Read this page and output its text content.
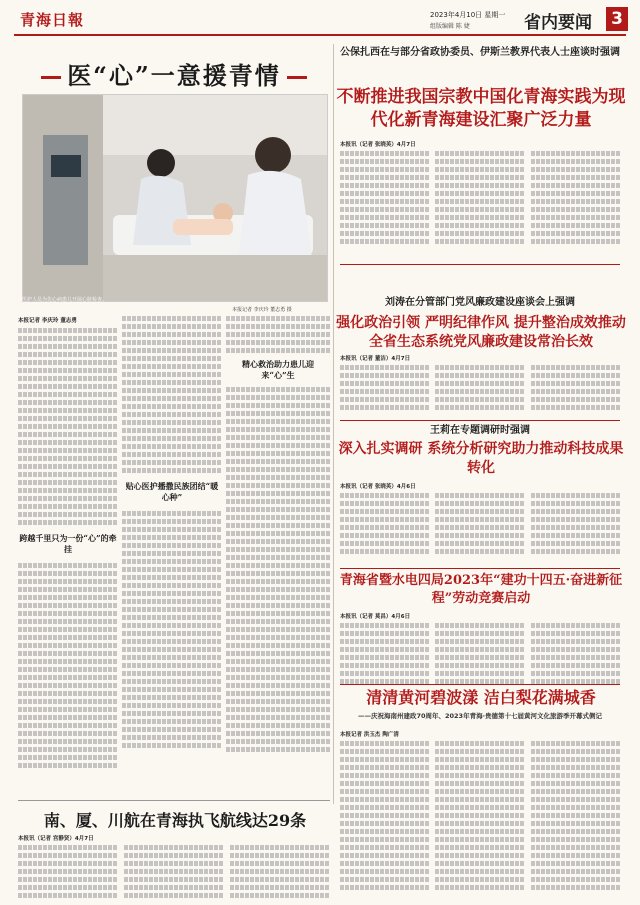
青海日報	2023年4月10日 星期一
组版编辑 陈 婕	省内要闻 3
医“心”一意援青情
医护人员为先心病患儿开展心脏检查。
本报记者 李庆玲 董志勇 摄
本报记者 李庆玲 董志勇
跨越千里只为一份“心”的牵挂
贴心医护播撒民族团结“暖心种”
精心救治助力患儿迎来“心”生
公保扎西在与部分省政协委员、伊斯兰教界代表人士座谈时强调
不断推进我国宗教中国化青海实践为现代化新青海建设汇聚广泛力量
本报讯（记者 张晓英）4月7日
刘涛在分管部门党风廉政建设座谈会上强调
强化政治引领 严明纪律作风 提升整治成效推动全省生态系统党风廉政建设常治长效
本报讯（记者 董洁）4月7日
王莉在专题调研时强调
深入扎实调研 系统分析研究助力推动科技成果转化
本报讯（记者 张晓英）4月6日
青海省暨水电四局2023年“建功十四五·奋进新征程”劳动竞赛启动
本报讯（记者 莫昌）4月6日
清清黄河碧波漾 洁白梨花满城香
——庆祝海南州建政70周年、2023年青海·贵德第十七届黄河文化旅游季开幕式侧记
本报记者 洪玉杰 陶广清
南、厦、川航在青海执飞航线达29条
本报讯（记者 宫静贤）4月7日
